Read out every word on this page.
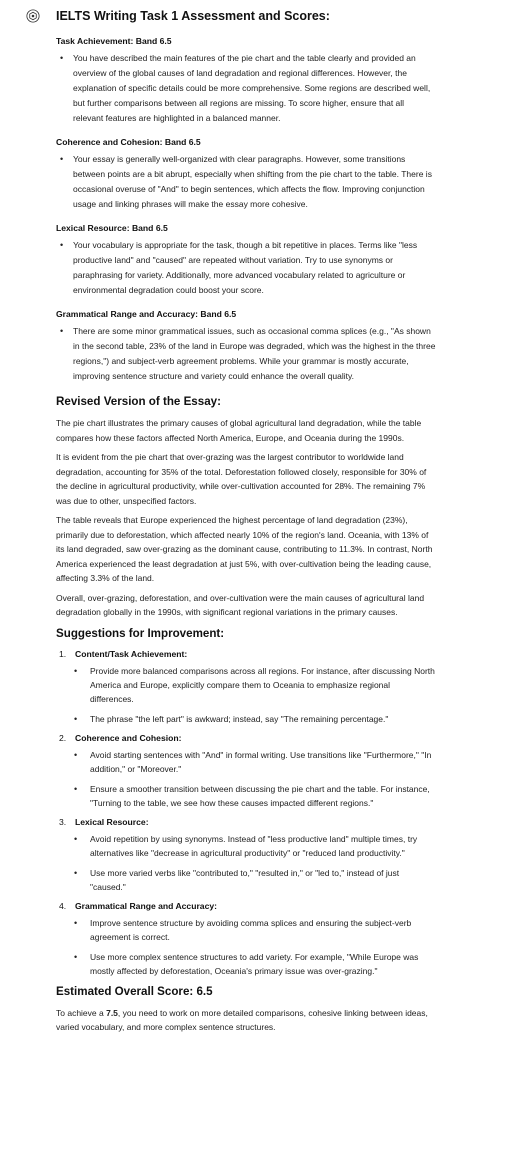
IELTS Writing Task 1 Assessment and Scores:
Task Achievement: Band 6.5
• You have described the main features of the pie chart and the table clearly and provided an overview of the global causes of land degradation and regional differences. However, the explanation of specific details could be more comprehensive. Some regions are described well, but further comparisons between all regions are missing. To score higher, ensure that all relevant features are highlighted in a balanced manner.
Coherence and Cohesion: Band 6.5
• Your essay is generally well-organized with clear paragraphs. However, some transitions between points are a bit abrupt, especially when shifting from the pie chart to the table. There is occasional overuse of "And" to begin sentences, which affects the flow. Improving conjunction usage and linking phrases will make the essay more cohesive.
Lexical Resource: Band 6.5
• Your vocabulary is appropriate for the task, though a bit repetitive in places. Terms like "less productive land" and "caused" are repeated without variation. Try to use synonyms or paraphrasing for variety. Additionally, more advanced vocabulary related to agriculture or environmental degradation could boost your score.
Grammatical Range and Accuracy: Band 6.5
• There are some minor grammatical issues, such as occasional comma splices (e.g., "As shown in the second table, 23% of the land in Europe was degraded, which was the highest in the three regions,") and subject-verb agreement problems. While your grammar is mostly accurate, improving sentence structure and variety could enhance the overall quality.
Revised Version of the Essay:

The pie chart illustrates the primary causes of global agricultural land degradation, while the table compares how these factors affected North America, Europe, and Oceania during the 1990s.

It is evident from the pie chart that over-grazing was the largest contributor to worldwide land degradation, accounting for 35% of the total. Deforestation followed closely, responsible for 30% of the decline in agricultural productivity, while over-cultivation accounted for 28%. The remaining 7% was due to other, unspecified factors.

The table reveals that Europe experienced the highest percentage of land degradation (23%), primarily due to deforestation, which affected nearly 10% of the region's land. Oceania, with 13% of its land degraded, saw over-grazing as the dominant cause, contributing to 11.3%. In contrast, North America experienced the least degradation at just 5%, with over-cultivation being the leading cause, affecting 3.3% of the land.

Overall, over-grazing, deforestation, and over-cultivation were the main causes of agricultural land degradation globally in the 1990s, with significant regional variations in the primary causes.

Suggestions for Improvement:
1.	Content/Task Achievement:
• Provide more balanced comparisons across all regions. For instance, after discussing North America and Europe, explicitly compare them to Oceania to emphasize regional differences.
• The phrase "the left part" is awkward; instead, say "The remaining percentage."
2.	Coherence and Cohesion:
• Avoid starting sentences with "And" in formal writing. Use transitions like "Furthermore," "In addition," or "Moreover."
• Ensure a smoother transition between discussing the pie chart and the table. For instance, "Turning to the table, we see how these causes impacted different regions."
3.	Lexical Resource:
• Avoid repetition by using synonyms. Instead of "less productive land" multiple times, try alternatives like "decrease in agricultural productivity" or "reduced land productivity."
• Use more varied verbs like "contributed to," "resulted in," or "led to," instead of just "caused."
4.	Grammatical Range and Accuracy:
• Improve sentence structure by avoiding comma splices and ensuring the subject-verb agreement is correct.
• Use more complex sentence structures to add variety. For example, "While Europe was mostly affected by deforestation, Oceania's primary issue was over-grazing."
Estimated Overall Score: 6.5

To achieve a 7.5, you need to work on more detailed comparisons, cohesive linking between ideas, varied vocabulary, and more complex sentence structures.
